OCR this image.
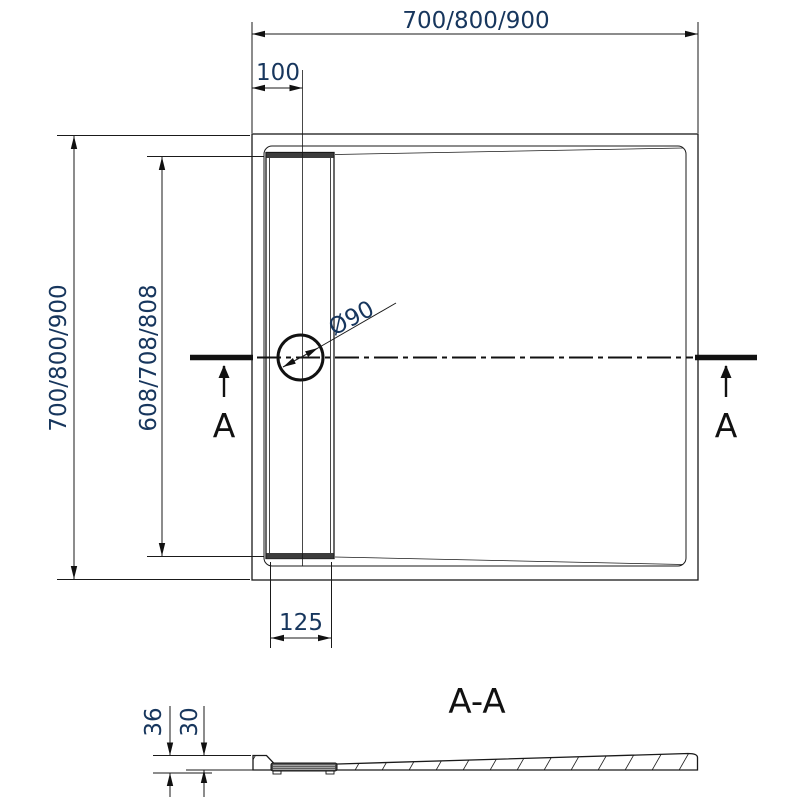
A	A
Ø90
700/800/900
100
700/800/900	608/708/808
125
A-A
36 30
